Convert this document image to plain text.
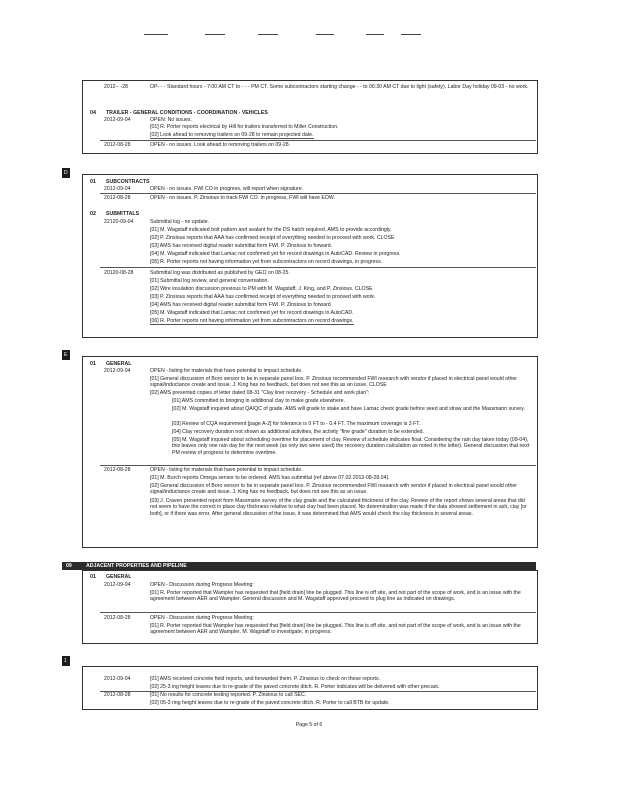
2012-- -28	OP- - - Standard hours - 7:00 AM CT to - - - PM CT. Some subcontractors starting change - - to 06:30 AM CT due to light (safety). Labor Day holiday 09-03 - no work.
04 TRAILER - GENERAL CONDITIONS - COORDINATION - VEHICLES
2012-09-04	OPEN: No issues.
[01] R. Porter reports electrical by Hill for trailers transferred to Miller Construction.
[02] Look ahead to removing trailers on 09-28 to remain projected date.
2012-08-28	OPEN - no issues. Look ahead to removing trailers on 09-28.
D
01 SUBCONTRACTS
2012-09-04	OPEN - no issues. FWI CO in progress, will report when signature.
2012-08-28	OPEN - no issues. P. Zinsious to track FWI CO. in progress, FWI will have EOW.
02 SUBMITTALS
22120-09-04	Submittal log - no update.
[01] M. Wagstaff indicated bolt pattern and sealant for the DS hatch required. AMS to provide accordingly.
[02] P. Zinsious reports that AAA has confirmed receipt of everything needed to proceed with work. CLOSE
[03] AMS has received digital reader submittal form FWI. P. Zinsious to forward.
[04] M. Wagstaff indicated that Lamac not confirmed yet for record drawings in AutoCAD. Review in progress.
[05] R. Porter reports not having information yet from subcontractors on record drawings, in progress.
20120-08-28	Submittal log was distributed as published by GEO on 08-25.
[01] Submittal log review, and general conversation.
[02] Wire insulation discussion previous to PM with M. Wagstaff, J. King, and P. Zinsious. CLOSE
[03] P. Zinsious reports that AAA has confirmed receipt of everything needed to proceed with work.
[04] AMS has received digital reader submittal form FWI. P. Zinsious to forward
[05] M. Wagstaff indicated that Lamac not confirmed yet for record drawings in AutoCAD.
[06] R. Porter reports not having information yet from subcontractors on record drawings.
E
01 GENERAL
2012-09-04	OPEN - listing for materials that have potential to impact schedule.
[01] General discussion of Boro sensor to be in separate panel box. P. Zinsious recommended FWI research with vendor if placed in electrical panel would other signal/inductance create and issue. J. King has no feedback, but does not see this as an issue. CLOSE
[02] AMS presented copies of letter dated 08-31 "Clay liner recovery - Schedule and work plan":
[01] AMS committed to bringing in additional clay to make grade elsewhere.
[02] M. Wagstaff inquired about QA/QC of grade. AMS will grade to stake and have Lamac check grade before seed and straw and the Massmann survey.
[03] Review of CQA requirement [page A-2] for tolerance is 0 FT to - 0.4 FT. The maximum coverage is 3 FT.
[04] Clay recovery duration not shown as additional activities, the activity "fine grade" duration to be extended.
[05] M. Wagstaff inquired about scheduling overtime for placement of clay. Review of schedule indicates float. Considering the rain day taken today (09-04), this leaves only one rain day for the next week (as only two were used) the recovery duration calculation as noted in the letter). General discussion that next PM review of progress to determine overtime.
2012-08-28	OPEN - listing for materials that have potential to impact schedule.
[01] M. Burch reports Omega sensor to be ordered. AMS has submittal (ref above 07.02.2012-08-28.04).
[02] General discussion of Boro sensor to be in separate panel box. P. Zinsious recommended FWI research with vendor if placed in electrical panel would other signal/inductance create and issue. J. King has no feedback, but does not see this as an issue.
[03] J. Craven presented report from Massmann survey of the clay grade and the calculated thickness of the clay. Review of the report shows several areas that did not seem to have the correct in place clay thickness relative to what clay had been placed. No determination was made if the data showed settlement in ash, clay [or both], or if there was error. After general discussion of the issue, it was determined that AMS would check the clay thickness in several areas.
09	ADJACENT PROPERTIES AND PIPELINE
01 GENERAL
2012-09-04	OPEN - Discussion during Progress Meeting:
[01] R. Porter reported that Wampler has requested that [field drain] line be plugged. This line is off site, and not part of the scope of work, and is an issue with the agreement between AER and Wampler. General discussion and M. Wagstaff approved proceed to plug line as indicated on drawings.
2012-08-28	OPEN - Discussion during Progress Meeting:
[01] R. Porter reported that Wampler has requested that [field drain] line be plugged. This line is off site, and not part of the scope of work, and is an issue with the agreement between AER and Wampler. M. Wagstaff to investigate, in progress.
1
2012-09-04	[01] AMS received concrete field reports, and forwarded them. P. Zinsious to check on these reports.
[02] 25-3 ing height leaves due to re-grade of the paved concrete ditch. R. Porter indicates will be delivered with other precast.
2012-08-28	[01] No results for concrete testing reported. P. Zinsious to call SEC.
[02] 05-3 ring height leaves due to re-grade of the paved concrete ditch. R. Porter to call BTB for update.
Page 5 of 6
